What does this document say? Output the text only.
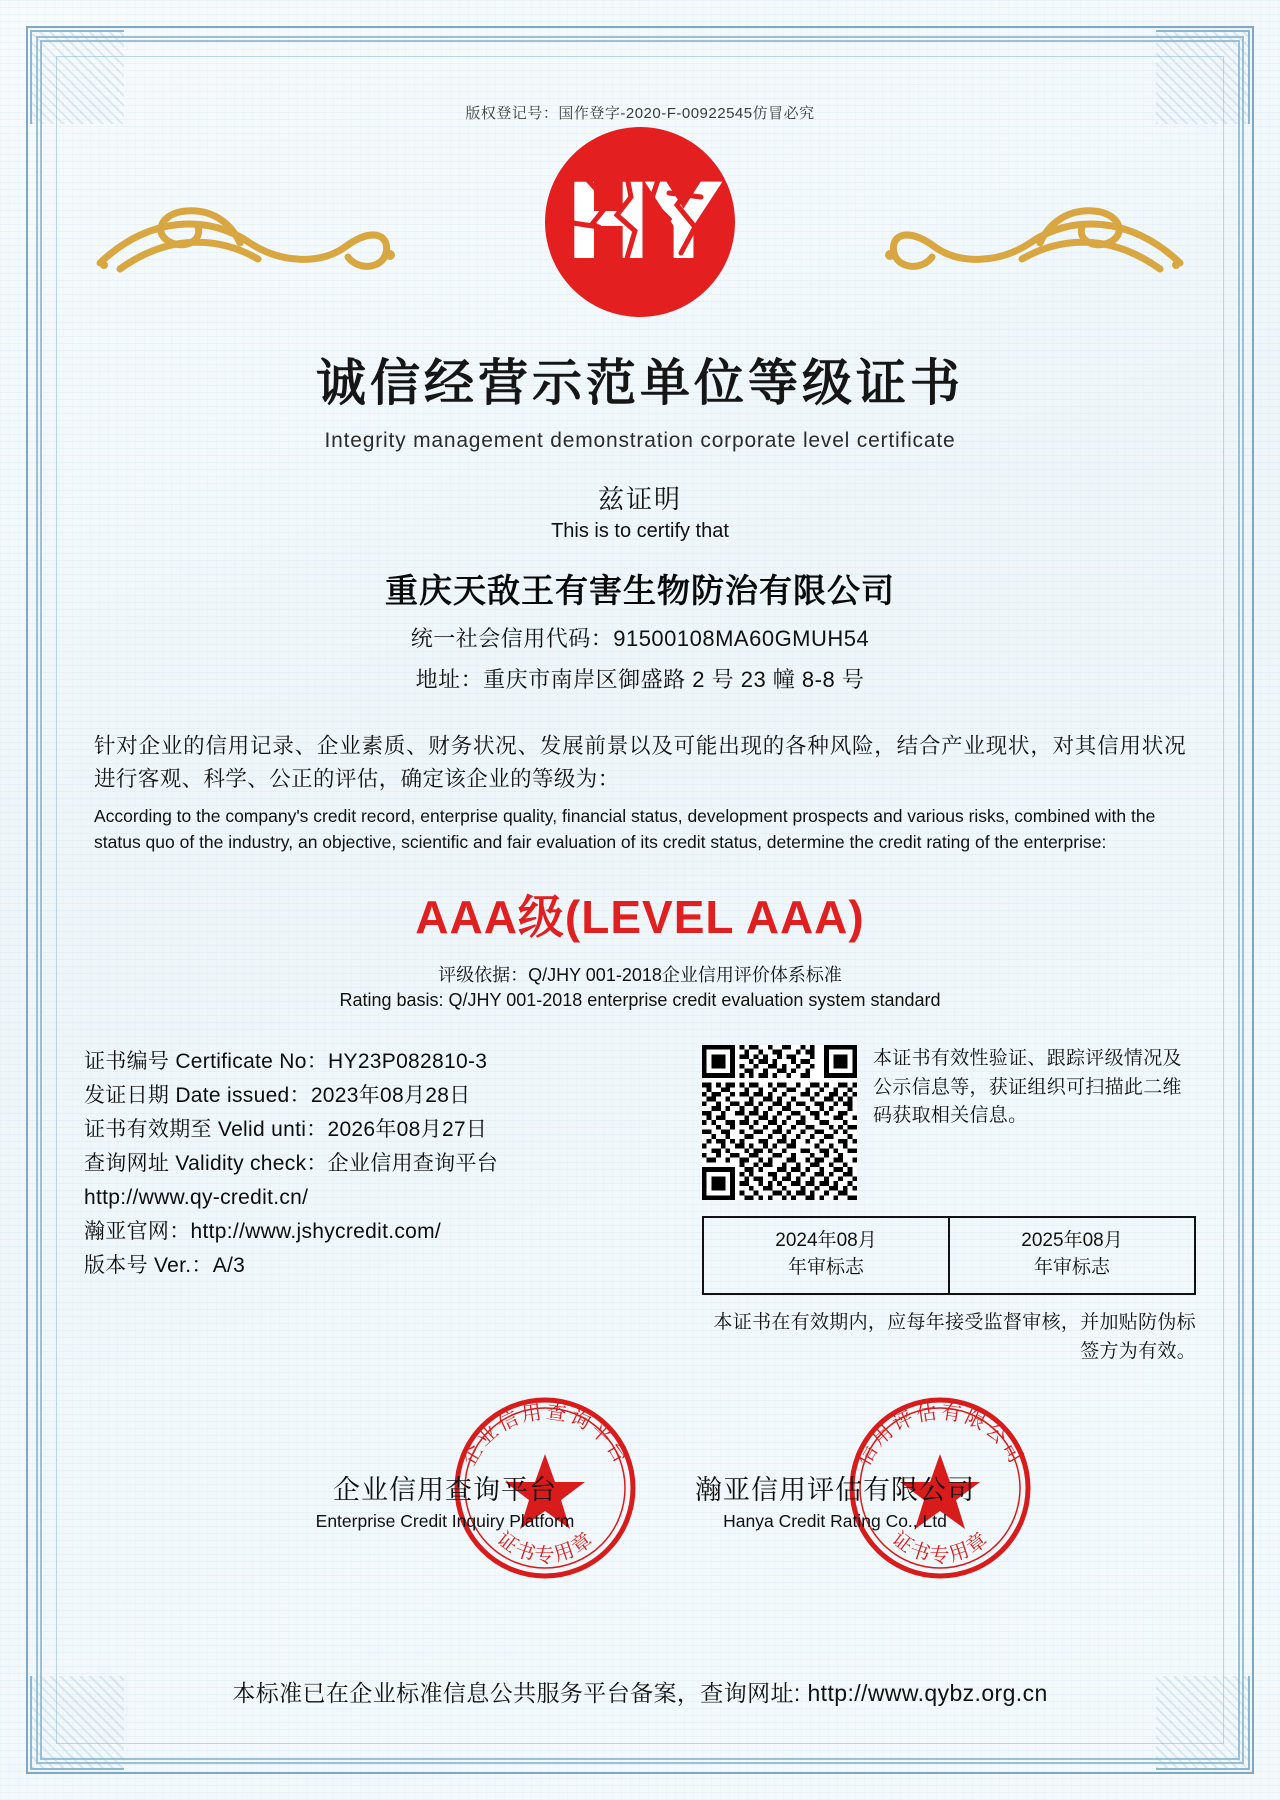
版权登记号：国作登字-2020-F-00922545仿冒必究
HY
诚信经营示范单位等级证书
Integrity management demonstration corporate level certificate
兹证明
This is to certify that
重庆天敌王有害生物防治有限公司
统一社会信用代码：91500108MA60GMUH54
地址：重庆市南岸区御盛路 2 号 23 幢 8-8 号
针对企业的信用记录、企业素质、财务状况、发展前景以及可能出现的各种风险，结合产业现状，对其信用状况进行客观、科学、公正的评估，确定该企业的等级为：
According to the company's credit record, enterprise quality, financial status, development prospects and various risks, combined with the status quo of the industry, an objective, scientific and fair evaluation of its credit status, determine the credit rating of the enterprise:
AAA级(LEVEL AAA)
评级依据：Q/JHY 001-2018企业信用评价体系标准
Rating basis: Q/JHY 001-2018 enterprise credit evaluation system standard
证书编号 Certificate No：HY23P082810-3
发证日期 Date issued：2023年08月28日
证书有效期至 Velid unti：2026年08月27日
查询网址 Validity check：企业信用查询平台
http://www.qy-credit.cn/
瀚亚官网：http://www.jshycredit.com/
版本号 Ver.：A/3
本证书有效性验证、跟踪评级情况及公示信息等，获证组织可扫描此二维码获取相关信息。
2024年08月
年审标志
2025年08月
年审标志
本证书在有效期内，应每年接受监督审核，并加贴防伪标签方为有效。
企业信用查询平台
证书专用章
信用评估有限公司
证书专用章
企业信用查询平台
Enterprise Credit Inquiry Platform
瀚亚信用评估有限公司
Hanya Credit Rating Co., Ltd
本标准已在企业标准信息公共服务平台备案，查询网址: http://www.qybz.org.cn
